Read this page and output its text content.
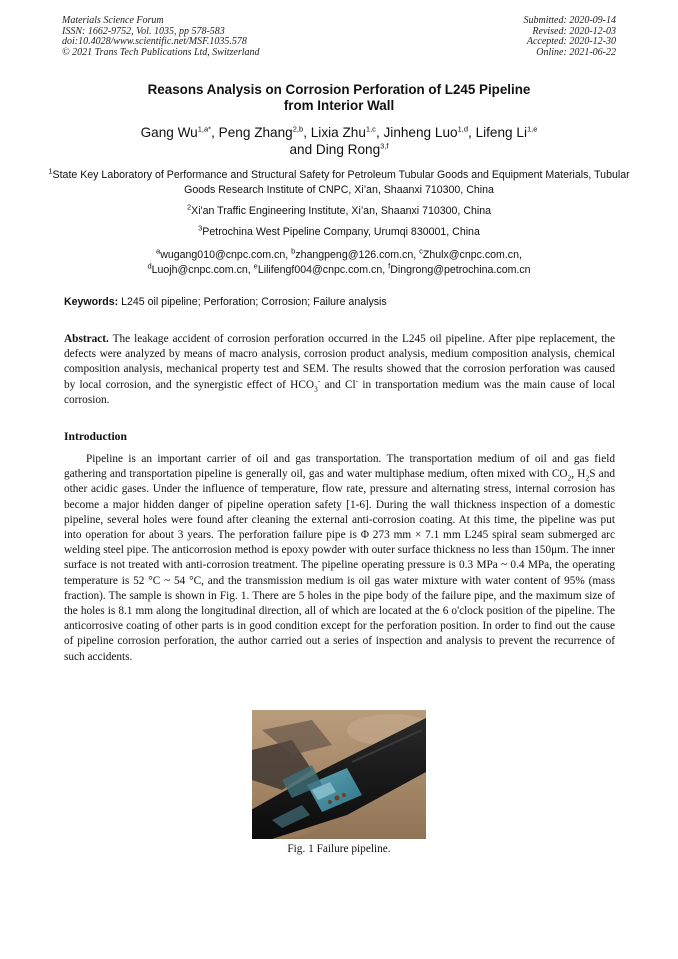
Materials Science Forum
ISSN: 1662-9752, Vol. 1035, pp 578-583
doi:10.4028/www.scientific.net/MSF.1035.578
© 2021 Trans Tech Publications Ltd, Switzerland
Submitted: 2020-09-14
Revised: 2020-12-03
Accepted: 2020-12-30
Online: 2021-06-22
Reasons Analysis on Corrosion Perforation of L245 Pipeline
from Interior Wall
Gang $Wu^{1,a*}$, Peng Zhang$^{2,b}$, Lixia Zhu$^{1,c}$, Jinheng Luo$^{1,d}$, Lifeng Li$^{1,e}$
and Ding Rong$^{3,f}$
$^1$State Key Laboratory of Performance and Structural Safety for Petroleum Tubular Goods and Equipment Materials, Tubular Goods Research Institute of CNPC, Xi’an, Shaanxi 710300, China
$^2$Xi'an Traffic Engineering Institute, Xi’an, Shaanxi 710300, China
$^3$Petrochina West Pipeline Company, Urumqi 830001, China
$^a$wugang010@cnpc.com.cn, $^b$zhangpeng@126.com.cn, $^c$Zhulx@cnpc.com.cn,
$^d$Luojh@cnpc.com.cn, $^e$Lilifengf004@cnpc.com.cn, $^f$Dingrong@petrochina.com.cn
Keywords: L245 oil pipeline; Perforation; Corrosion; Failure analysis
Abstract. The leakage accident of corrosion perforation occurred in the L245 oil pipeline. After pipe replacement, the defects were analyzed by means of macro analysis, corrosion product analysis, medium composition analysis, chemical composition analysis, mechanical property test and SEM. The results showed that the corrosion perforation was caused by local corrosion, and the synergistic effect of $HCO_3^-$ and Cl- in transportation medium was the main cause of local corrosion.
Introduction
Pipeline is an important carrier of oil and gas transportation. The transportation medium of oil and gas field gathering and transportation pipeline is generally oil, gas and water multiphase medium, often mixed with $CO_2$, $H_2S$ and other acidic gases. Under the influence of temperature, flow rate, pressure and alternating stress, internal corrosion has become a major hidden danger of pipeline operation safety [1-6]. During the wall thickness inspection of a domestic pipeline, several holes were found after cleaning the external anti-corrosion coating. At this time, the pipeline was put into operation for about 3 years. The perforation failure pipe is Φ 273 mm × 7.1 mm L245 spiral seam submerged arc welding steel pipe. The anticorrosion method is epoxy powder with outer surface thickness no less than 150μm. The inner surface is not treated with anti-corrosion treatment. The pipeline operating pressure is 0.3 MPa ~ 0.4 MPa, the operating temperature is 52 °C ~ 54 °C, and the transmission medium is oil gas water mixture with water content of 95% (mass fraction). The sample is shown in Fig. 1. There are 5 holes in the pipe body of the failure pipe, and the maximum size of the holes is 8.1 mm along the longitudinal direction, all of which are located at the 6 o'clock position of the pipeline. The anticorrosive coating of other parts is in good condition except for the perforation position. In order to find out the cause of pipeline corrosion perforation, the author carried out a series of inspection and analysis to prevent the recurrence of such accidents.
Fig. 1 Failure pipeline.
